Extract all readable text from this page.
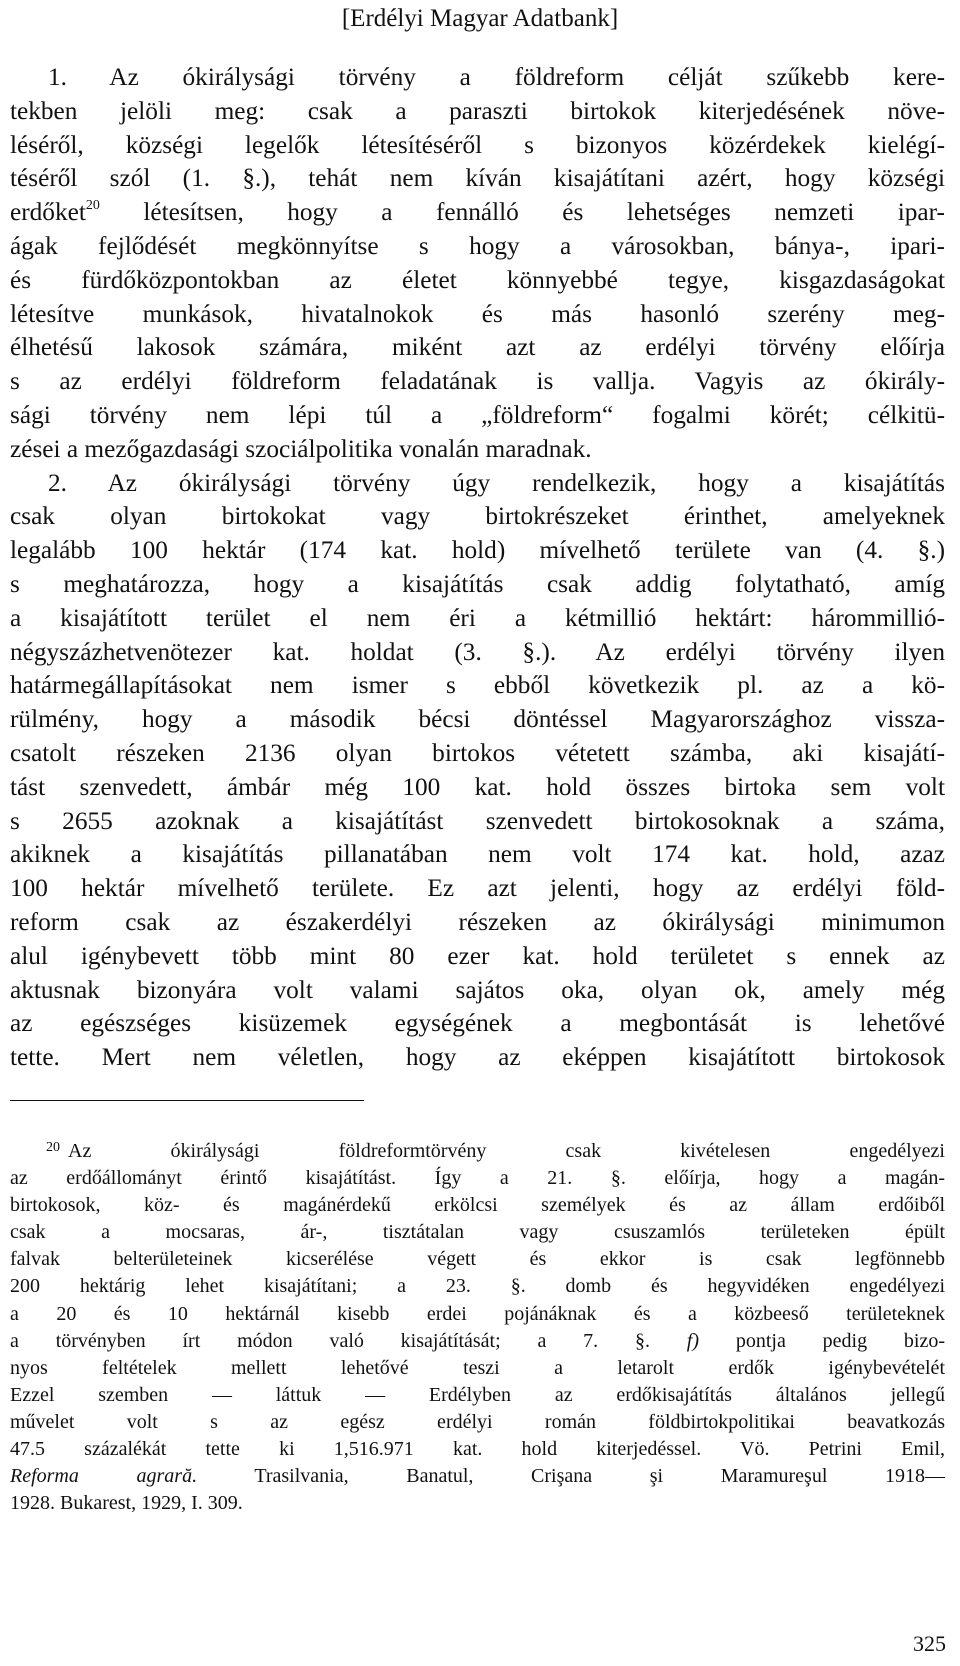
[Erdélyi Magyar Adatbank]
1. Az ókirálysági törvény a földreform célját szűkebb kere-
tekben jelöli meg: csak a paraszti birtokok kiterjedésének növe-
léséről, községi legelők létesítéséről s bizonyos közérdekek kielégí-
téséről szól (1. §.), tehát nem kíván kisajátítani azért, hogy községi
erdőket$^{20}$ létesítsen, hogy a fennálló és lehetséges nemzeti ipar-
ágak fejlődését megkönnyítse s hogy a városokban, bánya-, ipari-
és fürdőközpontokban az életet könnyebbé tegye, kisgazdaságokat
létesítve munkások, hivatalnokok és más hasonló szerény meg-
élhetésű lakosok számára, miként azt az erdélyi törvény előírja
s az erdélyi földreform feladatának is vallja. Vagyis az ókirály-
sági törvény nem lépi túl a „földreform“ fogalmi körét; célkitü-
zései a mezőgazdasági szociálpolitika vonalán maradnak.
2. Az ókirálysági törvény úgy rendelkezik, hogy a kisajátítás
csak olyan birtokokat vagy birtokrészeket érinthet, amelyeknek
legalább 100 hektár (174 kat. hold) mívelhető területe van (4. §.)
s meghatározza, hogy a kisajátítás csak addig folytatható, amíg
a kisajátított terület el nem éri a kétmillió hektárt: hárommillió-
négyszázhetvenötezer kat. holdat (3. §.). Az erdélyi törvény ilyen
határmegállapításokat nem ismer s ebből következik pl. az a kö-
rülmény, hogy a második bécsi döntéssel Magyarországhoz vissza-
csatolt részeken 2136 olyan birtokos vétetett számba, aki kisajátí-
tást szenvedett, ámbár még 100 kat. hold összes birtoka sem volt
s 2655 azoknak a kisajátítást szenvedett birtokosoknak a száma,
akiknek a kisajátítás pillanatában nem volt 174 kat. hold, azaz
100 hektár mívelhető területe. Ez azt jelenti, hogy az erdélyi föld-
reform csak az északerdélyi részeken az ókirálysági minimumon
alul igénybevett több mint 80 ezer kat. hold területet s ennek az
aktusnak bizonyára volt valami sajátos oka, olyan ok, amely még
az egészséges kisüzemek egységének a megbontását is lehetővé
tette. Mert nem véletlen, hogy az eképpen kisajátított birtokosok
$^{20}$ Az ókirálysági földreformtörvény csak kivételesen engedélyezi
az erdőállományt érintő kisajátítást. Így a 21. §. előírja, hogy a magán-
birtokosok, köz- és magánérdekű erkölcsi személyek és az állam erdőiből
csak a mocsaras, ár-, tisztátalan vagy csuszamlós területeken épült
falvak belterületeinek kicserélése végett és ekkor is csak legfönnebb
200 hektárig lehet kisajátítani; a 23. §. domb és hegyvidéken engedélyezi
a 20 és 10 hektárnál kisebb erdei pojánáknak és a közbeeső területeknek
a törvényben írt módon való kisajátítását; a 7. §. f) pontja pedig bizo-
nyos feltételek mellett lehetővé teszi a letarolt erdők igénybevételét
Ezzel szemben — láttuk — Erdélyben az erdőkisajátítás általános jellegű
művelet volt s az egész erdélyi román földbirtokpolitikai beavatkozás
47.5 százalékát tette ki 1,516.971 kat. hold kiterjedéssel. Vö. Petrini Emil,
Reforma agrară. Trasilvania, Banatul, Crişana şi Maramureşul 1918—
1928. Bukarest, 1929, I. 309.
325
